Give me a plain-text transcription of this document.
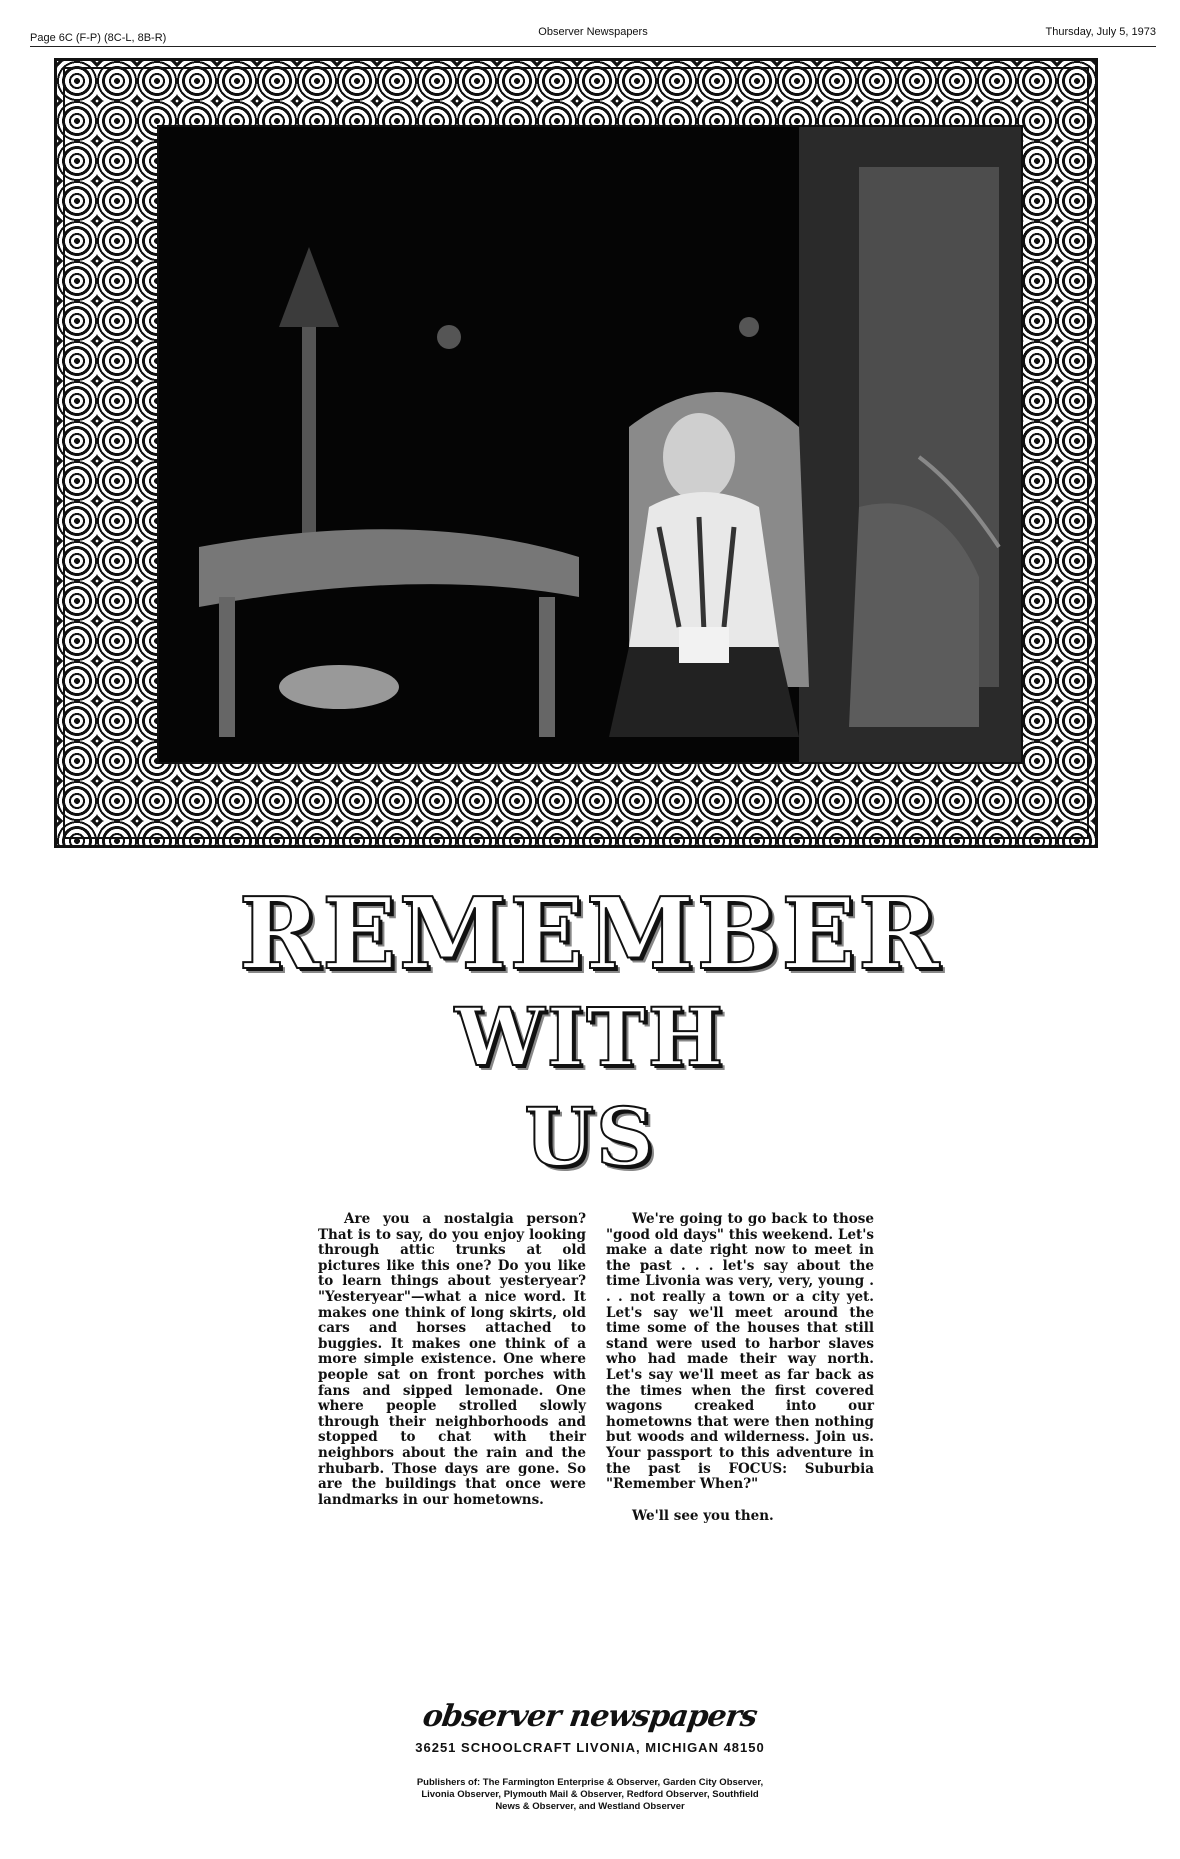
Page 6C (F-P) (8C-L, 8B-R)	Observer Newspapers	Thursday, July 5, 1973
REMEMBER
WITH
US

Are you a nostalgia person? That is to say, do you enjoy looking through attic trunks at old pictures like this one? Do you like to learn things about yesteryear? "Yesteryear"—what a nice word. It makes one think of long skirts, old cars and horses attached to buggies. It makes one think of a more simple existence. One where people sat on front porches with fans and sipped lemonade. One where people strolled slowly through their neighborhoods and stopped to chat with their neighbors about the rain and the rhubarb. Those days are gone. So are the buildings that once were landmarks in our hometowns.

We're going to go back to those "good old days" this weekend. Let's make a date right now to meet in the past . . . let's say about the time Livonia was very, very, young . . . not really a town or a city yet. Let's say we'll meet around the time some of the houses that still stand were used to harbor slaves who had made their way north. Let's say we'll meet as far back as the times when the first covered wagons creaked into our hometowns that were then nothing but woods and wilderness. Join us. Your passport to this adventure in the past is FOCUS: Suburbia "Remember When?"

We'll see you then.

observer newspapers
36251 SCHOOLCRAFT LIVONIA, MICHIGAN 48150
Publishers of: The Farmington Enterprise & Observer, Garden City Observer, Livonia Observer, Plymouth Mail & Observer, Redford Observer, Southfield News & Observer, and Westland Observer
